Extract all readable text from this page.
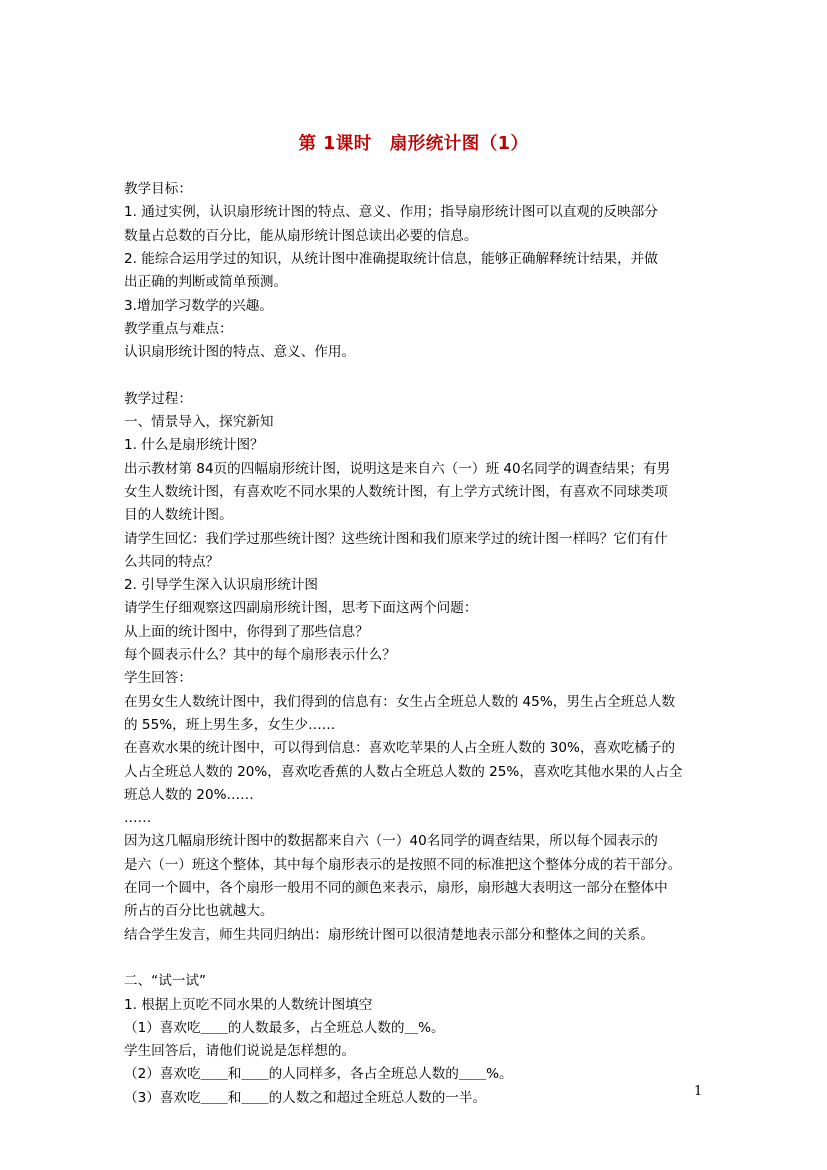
第 1课时　扇形统计图（1）
教学目标：
1. 通过实例，认识扇形统计图的特点、意义、作用；指导扇形统计图可以直观的反映部分
数量占总数的百分比，能从扇形统计图总读出必要的信息。
2. 能综合运用学过的知识，从统计图中准确提取统计信息，能够正确解释统计结果，并做
出正确的判断或简单预测。
3.增加学习数学的兴趣。
教学重点与难点：
认识扇形统计图的特点、意义、作用。
教学过程：
一、情景导入，探究新知
1. 什么是扇形统计图？
出示教材第 84页的四幅扇形统计图，说明这是来自六（一）班 40名同学的调查结果；有男
女生人数统计图，有喜欢吃不同水果的人数统计图，有上学方式统计图，有喜欢不同球类项
目的人数统计图。
请学生回忆：我们学过那些统计图？这些统计图和我们原来学过的统计图一样吗？它们有什
么共同的特点？
2. 引导学生深入认识扇形统计图
请学生仔细观察这四副扇形统计图，思考下面这两个问题：
从上面的统计图中，你得到了那些信息？
每个圆表示什么？其中的每个扇形表示什么？
学生回答：
在男女生人数统计图中，我们得到的信息有：女生占全班总人数的 45%，男生占全班总人数
的 55%，班上男生多，女生少……
在喜欢水果的统计图中，可以得到信息：喜欢吃苹果的人占全班人数的 30%，喜欢吃橘子的
人占全班总人数的 20%，喜欢吃香蕉的人数占全班总人数的 25%，喜欢吃其他水果的人占全
班总人数的 20%……
……
因为这几幅扇形统计图中的数据都来自六（一）40名同学的调查结果，所以每个园表示的
是六（一）班这个整体，其中每个扇形表示的是按照不同的标准把这个整体分成的若干部分。
在同一个圆中，各个扇形一般用不同的颜色来表示，扇形，扇形越大表明这一部分在整体中
所占的百分比也就越大。
结合学生发言，师生共同归纳出：扇形统计图可以很清楚地表示部分和整体之间的关系。
二、“试一试”
1. 根据上页吃不同水果的人数统计图填空
（1）喜欢吃＿＿的人数最多，占全班总人数的＿%。
学生回答后，请他们说说是怎样想的。
（2）喜欢吃＿＿和＿＿的人同样多，各占全班总人数的＿＿%。
（3）喜欢吃＿＿和＿＿的人数之和超过全班总人数的一半。	1
